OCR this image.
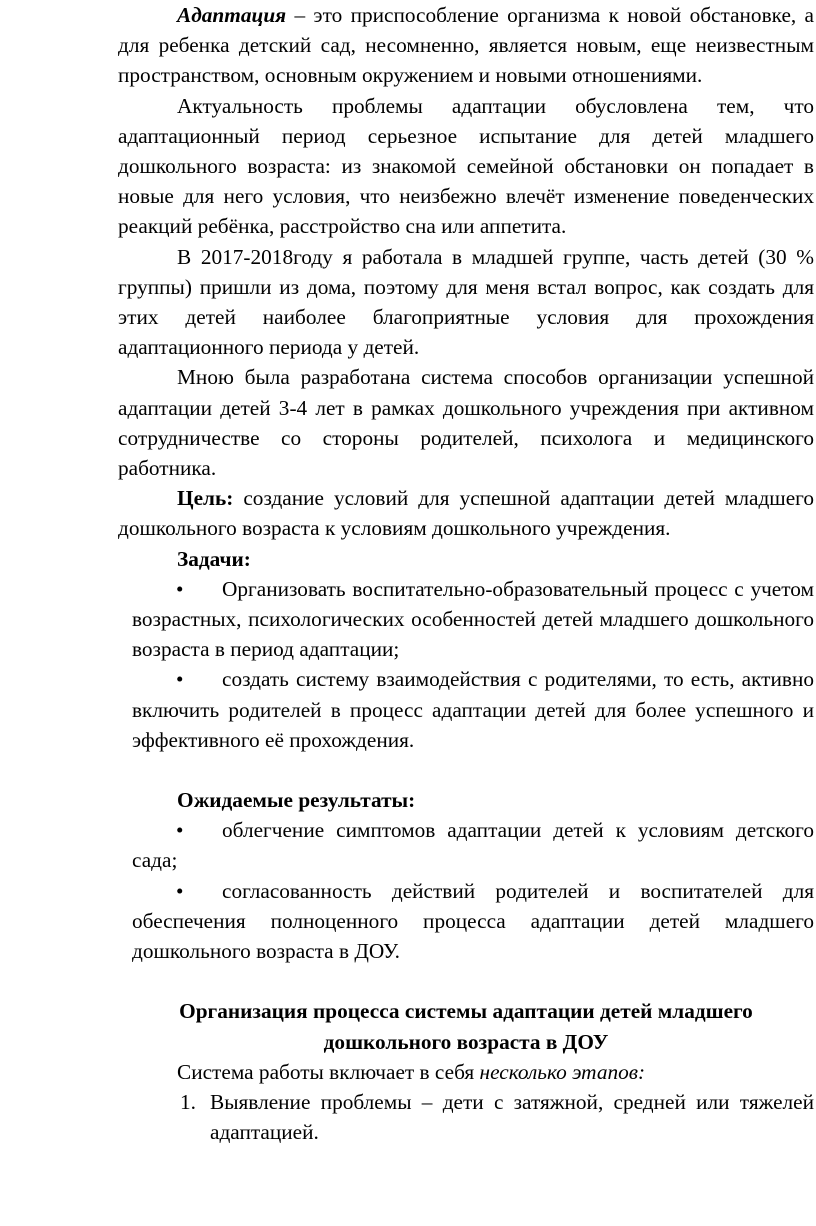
Адаптация – это приспособление организма к новой обстановке, а для ребенка детский сад, несомненно, является новым, еще неизвестным пространством, основным окружением и новыми отношениями.

Актуальность проблемы адаптации обусловлена тем, что адаптационный период серьезное испытание для детей младшего дошкольного возраста: из знакомой семейной обстановки он попадает в новые для него условия, что неизбежно влечёт изменение поведенческих реакций ребёнка, расстройство сна или аппетита.

В 2017-2018году я работала в младшей группе, часть детей (30 % группы) пришли из дома, поэтому для меня встал вопрос, как создать для этих детей наиболее благоприятные условия для прохождения адаптационного периода у детей.

Мною была разработана система способов организации успешной адаптации детей 3-4 лет в рамках дошкольного учреждения при активном сотрудничестве со стороны родителей, психолога и медицинского работника.

Цель: создание условий для успешной адаптации детей младшего дошкольного возраста к условиям дошкольного учреждения.

Задачи:

• Организовать воспитательно-образовательный процесс с учетом возрастных, психологических особенностей детей младшего дошкольного возраста в период адаптации;

• создать систему взаимодействия с родителями, то есть, активно включить родителей в процесс адаптации детей для более успешного и эффективного её прохождения.

Ожидаемые результаты:

• облегчение симптомов адаптации детей к условиям детского сада;

• согласованность действий родителей и воспитателей для обеспечения полноценного процесса адаптации детей младшего дошкольного возраста в ДОУ.

Организация процесса системы адаптации детей младшего
дошкольного возраста в ДОУ

Система работы включает в себя несколько этапов:

1. Выявление проблемы – дети с затяжной, средней или тяжелей адаптацией.
